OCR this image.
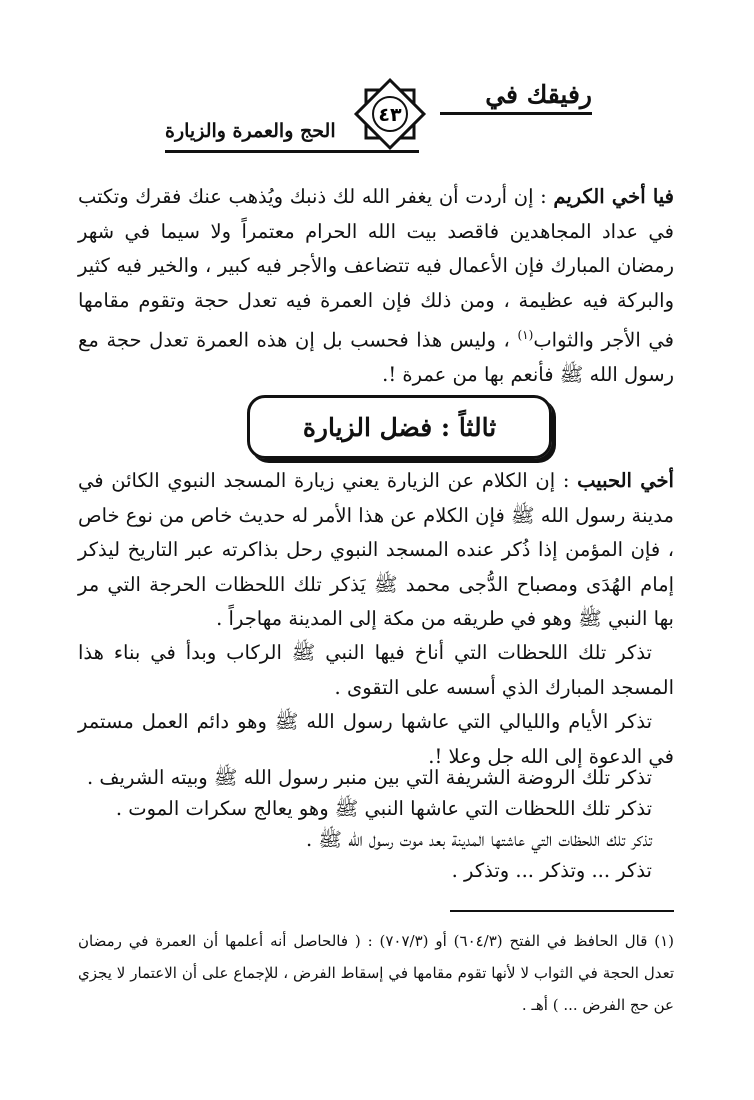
رفيقك في
٤٣
الحج والعمرة والزيارة
فيا أخي الكريم : إن أردت أن يغفر الله لك ذنبك ويُذهب عنك فقرك وتكتب في عداد المجاهدين فاقصد بيت الله الحرام معتمراً ولا سيما في شهر رمضان المبارك فإن الأعمال فيه تتضاعف والأجر فيه كبير ، والخير فيه كثير والبركة فيه عظيمة ، ومن ذلك فإن العمرة فيه تعدل حجة وتقوم مقامها في الأجر والثواب$^{(١)}$ ، وليس هذا فحسب بل إن هذه العمرة تعدل حجة مع رسول الله ﷺ فأنعم بها من عمرة !.
ثالثاً : فضل الزيارة
أخي الحبيب : إن الكلام عن الزيارة يعني زيارة المسجد النبوي الكائن في مدينة رسول الله ﷺ فإن الكلام عن هذا الأمر له حديث خاص من نوع خاص ، فإن المؤمن إذا ذُكر عنده المسجد النبوي رحل بذاكرته عبر التاريخ ليذكر إمام الهُدَى ومصباح الدُّجى محمد ﷺ يَذكر تلك اللحظات الحرجة التي مر بها النبي ﷺ وهو في طريقه من مكة إلى المدينة مهاجراً .
تذكر تلك اللحظات التي أناخ فيها النبي ﷺ الركاب وبدأ في بناء هذا المسجد المبارك الذي أسسه على التقوى .
تذكر الأيام والليالي التي عاشها رسول الله ﷺ وهو دائم العمل مستمر في الدعوة إلى الله جل وعلا !.
تذكر تلك الروضة الشريفة التي بين منبر رسول الله ﷺ وبيته الشريف .
تذكر تلك اللحظات التي عاشها النبي ﷺ وهو يعالج سكرات الموت .
تذكر تلك اللحظات التي عاشتها المدينة بعد موت رسول الله ﷺ .
تذكر ... وتذكر ... وتذكر .
(١) قال الحافظ في الفتح (٦٠٤/٣) أو (٧٠٧/٣) : ( فالحاصل أنه أعلمها أن العمرة في رمضان تعدل الحجة في الثواب لا لأنها تقوم مقامها في إسقاط الفرض ، للإجماع على أن الاعتمار لا يجزي عن حج الفرض ... ) أهـ .
